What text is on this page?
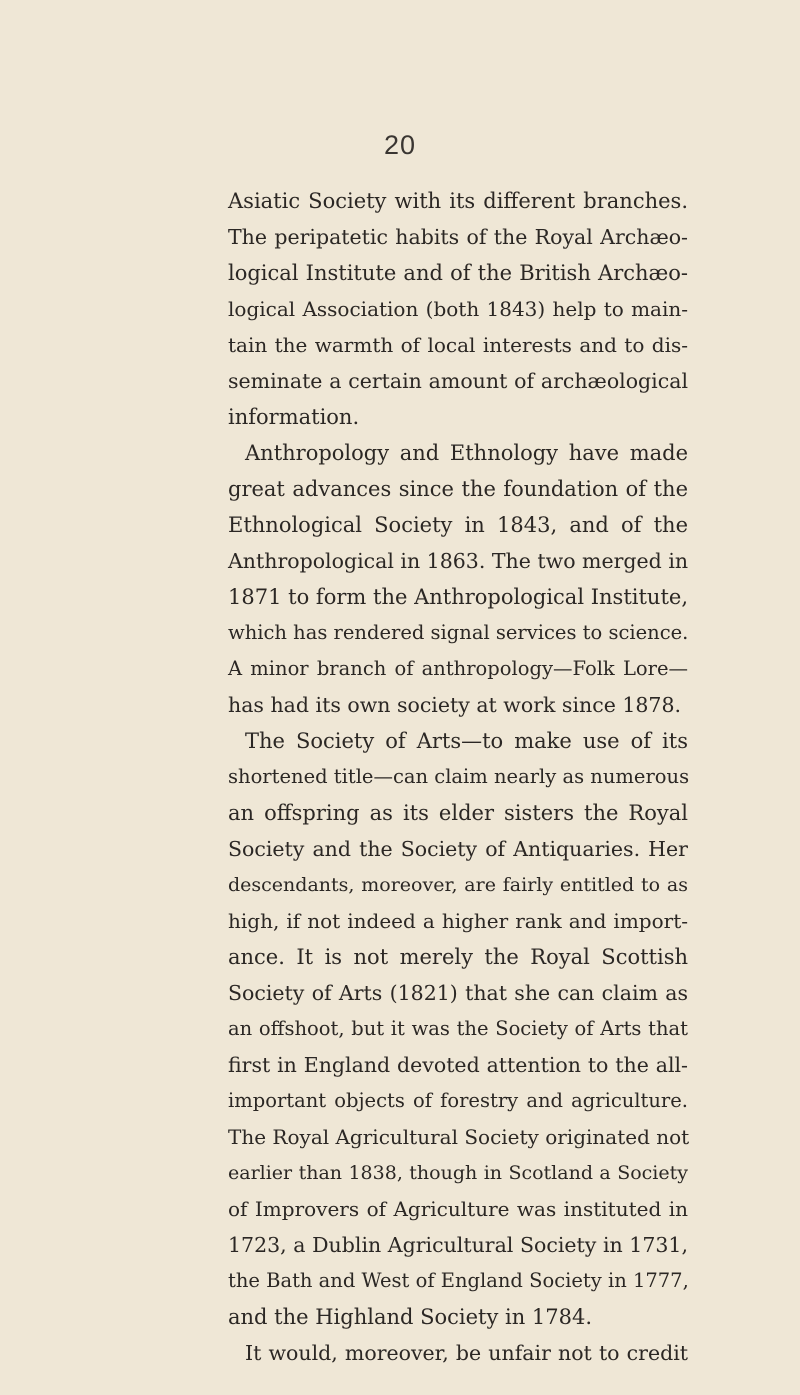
20
Asiatic Society with its different branches.
The peripatetic habits of the Royal Archæo-
logical Institute and of the British Archæo-
logical Association (both 1843) help to main-
tain the warmth of local interests and to dis-
seminate a certain amount of archæological
information.
Anthropology and Ethnology have made
great advances since the foundation of the
Ethnological Society in 1843, and of the
Anthropological in 1863. The two merged in
1871 to form the Anthropological Institute,
which has rendered signal services to science.
A minor branch of anthropology—Folk Lore—
has had its own society at work since 1878.
The Society of Arts—to make use of its
shortened title—can claim nearly as numerous
an offspring as its elder sisters the Royal
Society and the Society of Antiquaries. Her
descendants, moreover, are fairly entitled to as
high, if not indeed a higher rank and import-
ance. It is not merely the Royal Scottish
Society of Arts (1821) that she can claim as
an offshoot, but it was the Society of Arts that
first in England devoted attention to the all-
important objects of forestry and agriculture.
The Royal Agricultural Society originated not
earlier than 1838, though in Scotland a Society
of Improvers of Agriculture was instituted in
1723, a Dublin Agricultural Society in 1731,
the Bath and West of England Society in 1777,
and the Highland Society in 1784.
It would, moreover, be unfair not to credit
